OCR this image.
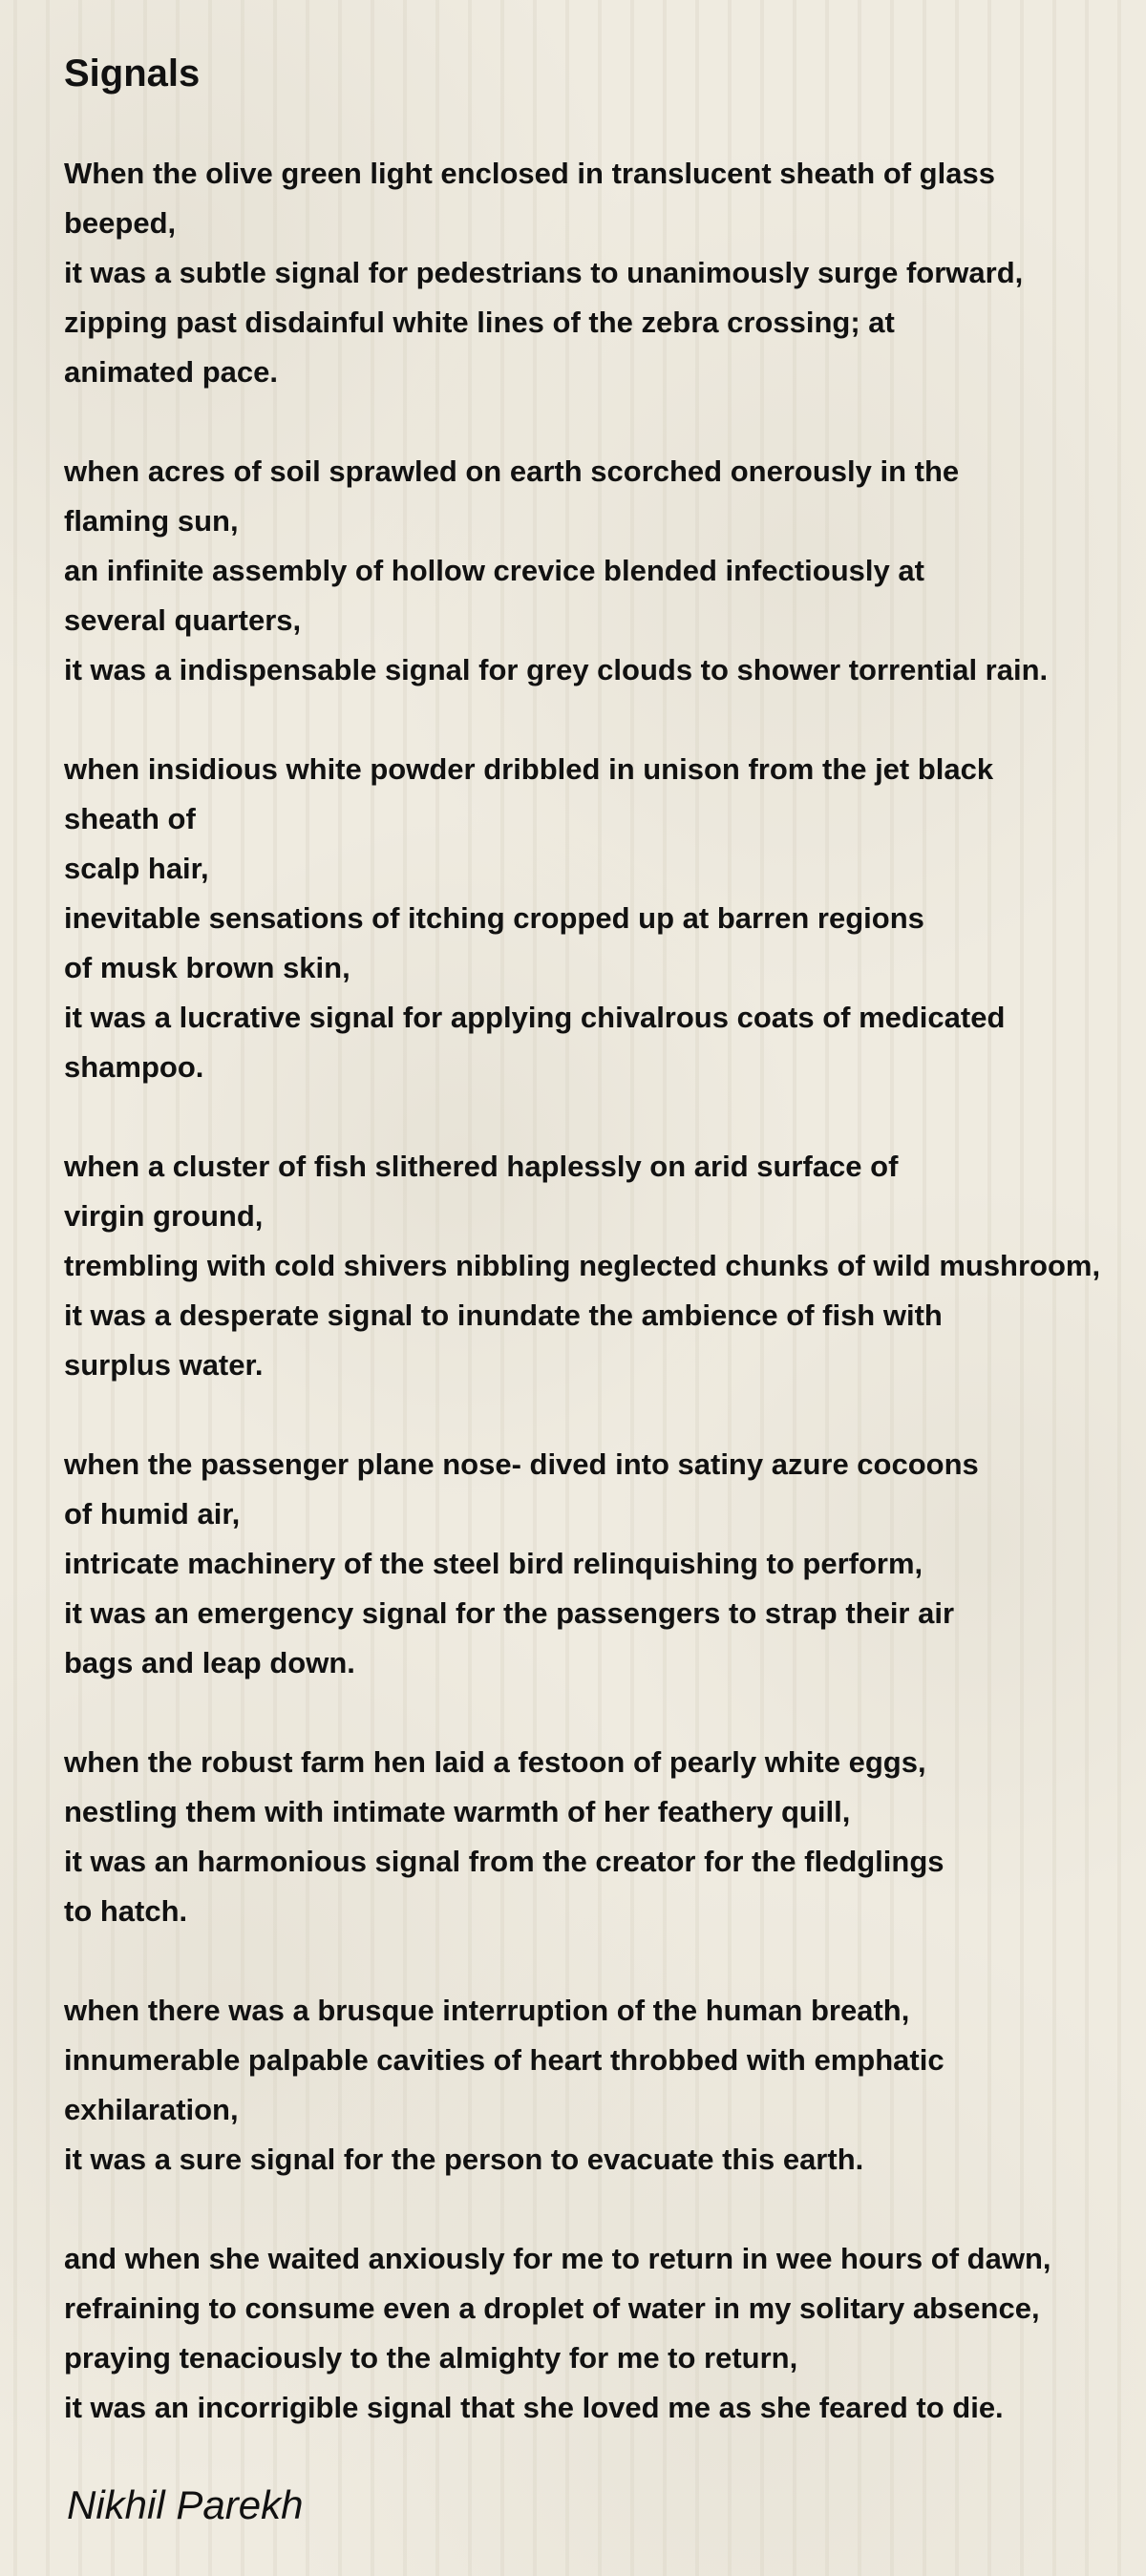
Signals
When the olive green light enclosed in translucent sheath of glass
beeped,
it was a subtle signal for pedestrians to unanimously surge forward,
zipping past disdainful white lines of the zebra crossing; at
animated pace.
when acres of soil sprawled on earth scorched onerously in the
flaming sun,
an infinite assembly of hollow crevice blended infectiously at
several quarters,
it was a indispensable signal for grey clouds to shower torrential rain.
when insidious white powder dribbled in unison from the jet black
sheath of
scalp hair,
inevitable sensations of itching cropped up at barren regions
of musk brown skin,
it was a lucrative signal for applying chivalrous coats of medicated
shampoo.
when a cluster of fish slithered haplessly on arid surface of
virgin ground,
trembling with cold shivers nibbling neglected chunks of wild mushroom,
it was a desperate signal to inundate the ambience of fish with
surplus water.
when the passenger plane nose- dived into satiny azure cocoons
of humid air,
intricate machinery of the steel bird relinquishing to perform,
it was an emergency signal for the passengers to strap their air
bags and leap down.
when the robust farm hen laid a festoon of pearly white eggs,
nestling them with intimate warmth of her feathery quill,
it was an harmonious signal from the creator for the fledglings
to hatch.
when there was a brusque interruption of the human breath,
innumerable palpable cavities of heart throbbed with emphatic
exhilaration,
it was a sure signal for the person to evacuate this earth.
and when she waited anxiously for me to return in wee hours of dawn,
refraining to consume even a droplet of water in my solitary absence,
praying tenaciously to the almighty for me to return,
it was an incorrigible signal that she loved me as she feared to die.
Nikhil Parekh
